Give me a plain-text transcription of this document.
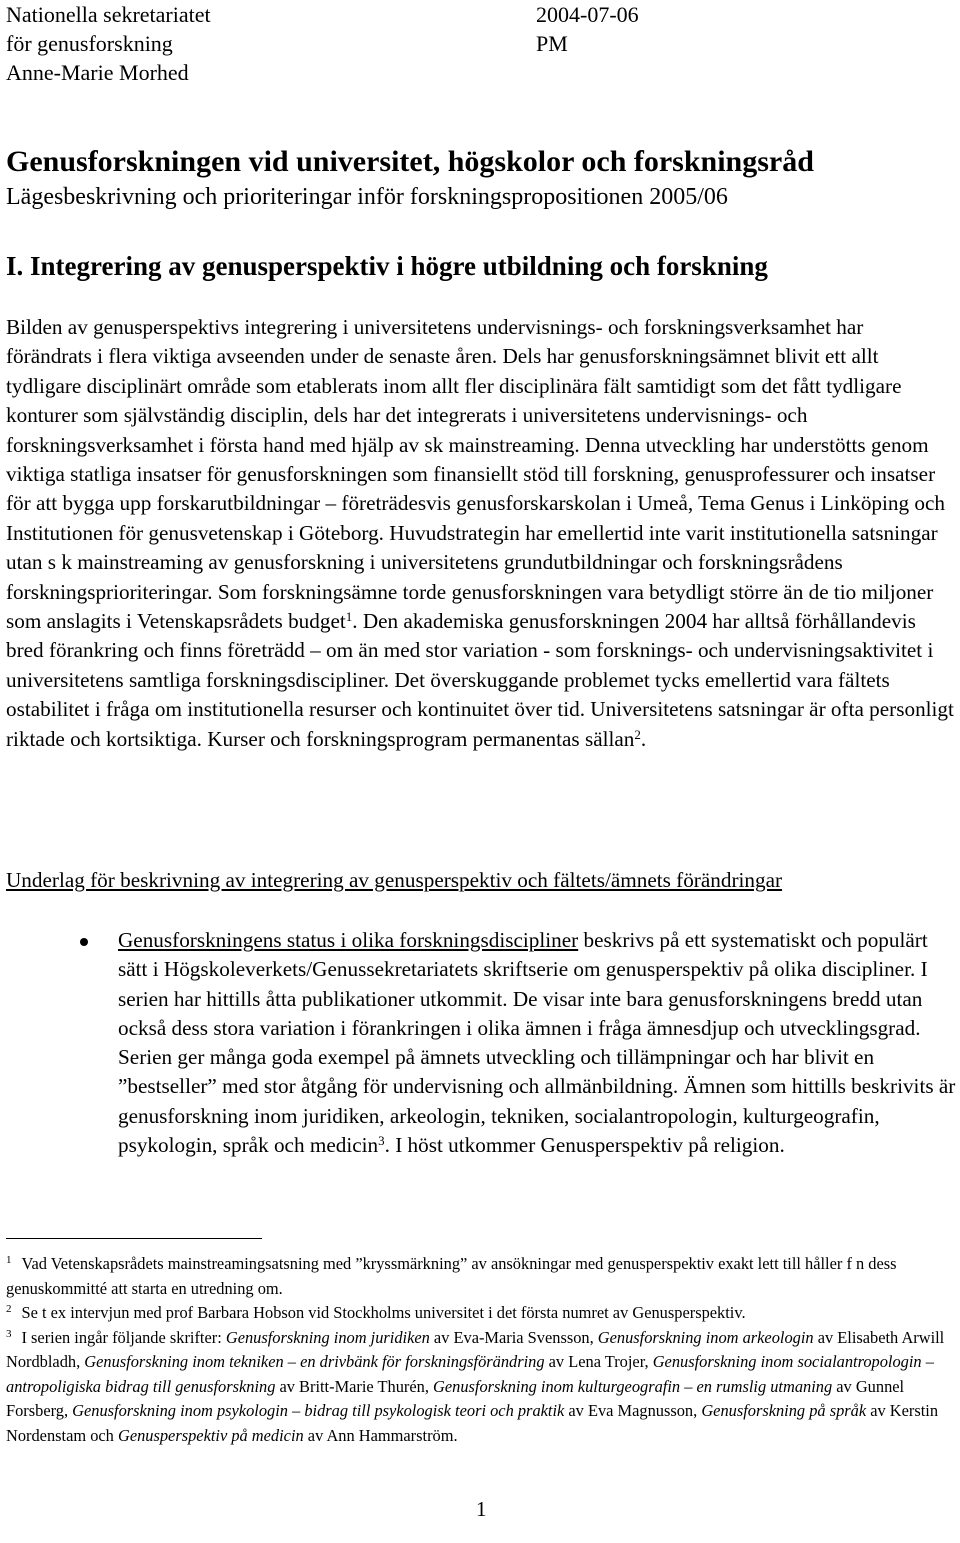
Nationella sekretariatet
för genusforskning
Anne-Marie Morhed
2004-07-06
PM
Genusforskningen vid universitet, högskolor och forskningsråd
Lägesbeskrivning och prioriteringar inför forskningspropositionen 2005/06
I. Integrering av genusperspektiv i högre utbildning och forskning
Bilden av genusperspektivs integrering i universitetens undervisnings- och forskningsverksamhet har förändrats i flera viktiga avseenden under de senaste åren. Dels har genusforskningsämnet blivit ett allt tydligare disciplinärt område som etablerats inom allt fler disciplinära fält samtidigt som det fått tydligare konturer som självständig disciplin, dels har det integrerats i universitetens undervisnings- och forskningsverksamhet i första hand med hjälp av sk mainstreaming. Denna utveckling har understötts genom viktiga statliga insatser för genusforskningen som finansiellt stöd till forskning, genusprofessurer och insatser för att bygga upp forskarutbildningar – företrädesvis genusforskarskolan i Umeå, Tema Genus i Linköping och Institutionen för genusvetenskap i Göteborg. Huvudstrategin har emellertid inte varit institutionella satsningar utan s k mainstreaming av genusforskning i universitetens grundutbildningar och forskningsrådens forskningsprioriteringar. Som forskningsämne torde genusforskningen vara betydligt större än de tio miljoner som anslagits i Vetenskapsrådets budget$^1$. Den akademiska genusforskningen 2004 har alltså förhållandevis bred förankring och finns företrädd – om än med stor variation - som forsknings- och undervisningsaktivitet i universitetens samtliga forskningsdiscipliner. Det överskuggande problemet tycks emellertid vara fältets ostabilitet i fråga om institutionella resurser och kontinuitet över tid. Universitetens satsningar är ofta personligt riktade och kortsiktiga. Kurser och forskningsprogram permanentas sällan$^2$.
Underlag för beskrivning av integrering av genusperspektiv och fältets/ämnets förändringar
Genusforskningens status i olika forskningsdiscipliner beskrivs på ett systematiskt och populärt sätt i Högskoleverkets/Genussekretariatets skriftserie om genusperspektiv på olika discipliner. I serien har hittills åtta publikationer utkommit. De visar inte bara genusforskningens bredd utan också dess stora variation i förankringen i olika ämnen i fråga ämnesdjup och utvecklingsgrad. Serien ger många goda exempel på ämnets utveckling och tillämpningar och har blivit en ”bestseller” med stor åtgång för undervisning och allmänbildning. Ämnen som hittills beskrivits är genusforskning inom juridiken, arkeologin, tekniken, socialantropologin, kulturgeografin, psykologin, språk och medicin$^3$. I höst utkommer Genusperspektiv på religion.

$^1$ Vad Vetenskapsrådets mainstreamingsatsning med ”kryssmärkning” av ansökningar med genusperspektiv exakt lett till håller f n dess genuskommitté att starta en utredning om.

$^2$ Se t ex intervjun med prof Barbara Hobson vid Stockholms universitet i det första numret av Genusperspektiv.

$^3$ I serien ingår följande skrifter: Genusforskning inom juridiken av Eva-Maria Svensson, Genusforskning inom arkeologin av Elisabeth Arwill Nordbladh, Genusforskning inom tekniken – en drivbänk för forskningsförändring av Lena Trojer, Genusforskning inom socialantropologin – antropoligiska bidrag till genusforskning av Britt-Marie Thurén, Genusforskning inom kulturgeografin – en rumslig utmaning av Gunnel Forsberg, Genusforskning inom psykologin – bidrag till psykologisk teori och praktik av Eva Magnusson, Genusforskning på språk av Kerstin Nordenstam och Genusperspektiv på medicin av Ann Hammarström.

1
